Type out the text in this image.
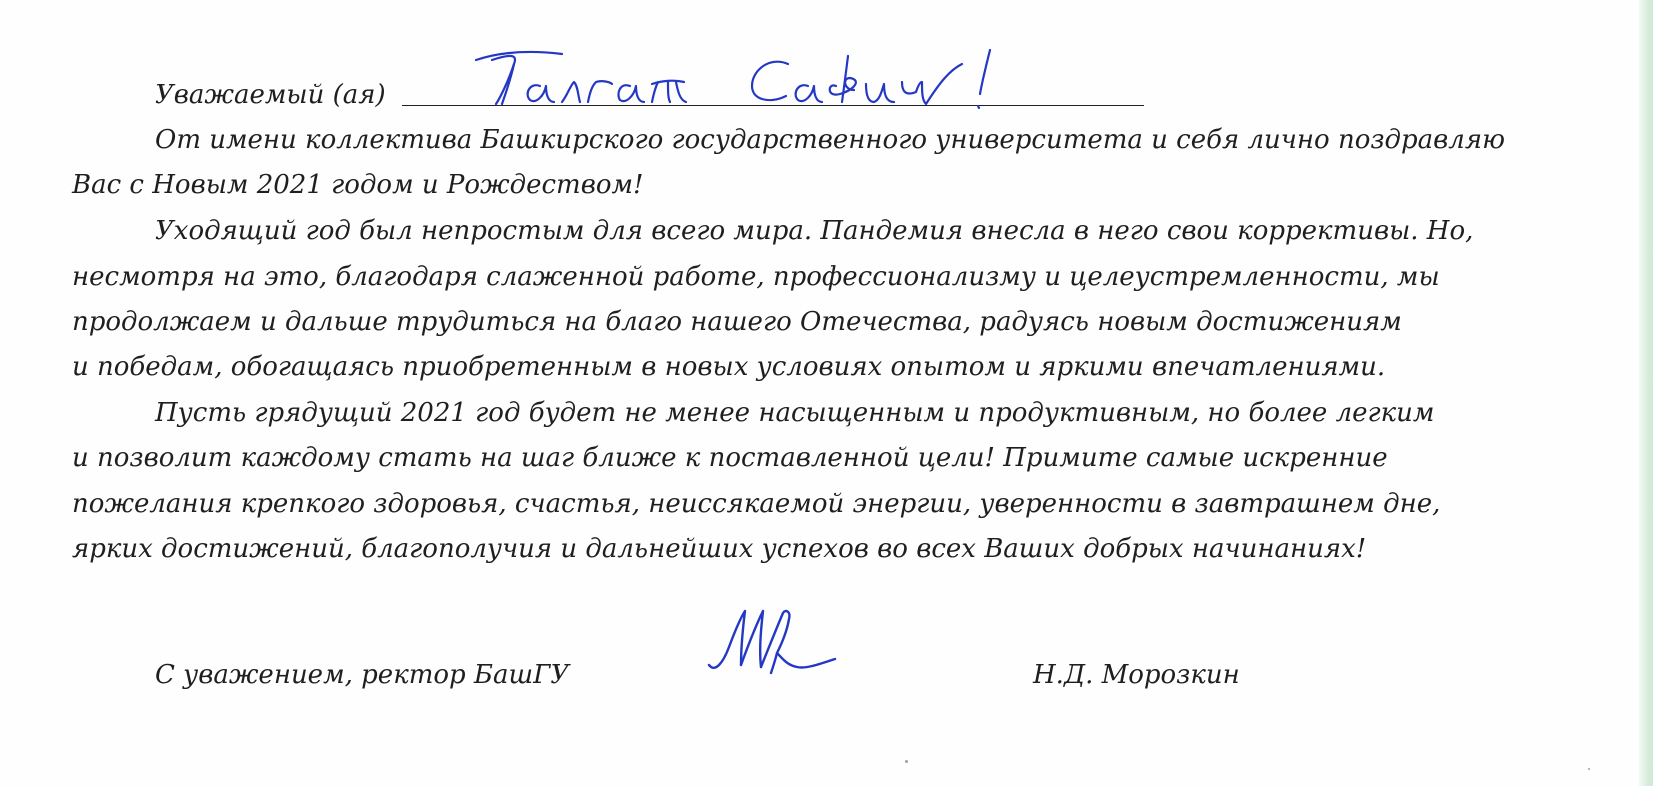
Уважаемый (ая)
От имени коллектива Башкирского государственного университета и себя лично поздравляю
Вас с Новым 2021 годом и Рождеством!
Уходящий год был непростым для всего мира. Пандемия внесла в него свои коррективы. Но,
несмотря на это, благодаря слаженной работе, профессионализму и целеустремленности, мы
продолжаем и дальше трудиться на благо нашего Отечества, радуясь новым достижениям
и победам, обогащаясь приобретенным в новых условиях опытом и яркими впечатлениями.
Пусть грядущий 2021 год будет не менее насыщенным и продуктивным, но более легким
и позволит каждому стать на шаг ближе к поставленной цели! Примите самые искренние
пожелания крепкого здоровья, счастья, неиссякаемой энергии, уверенности в завтрашнем дне,
ярких достижений, благополучия и дальнейших успехов во всех Ваших добрых начинаниях!
С уважением, ректор БашГУ	Н.Д. Морозкин
